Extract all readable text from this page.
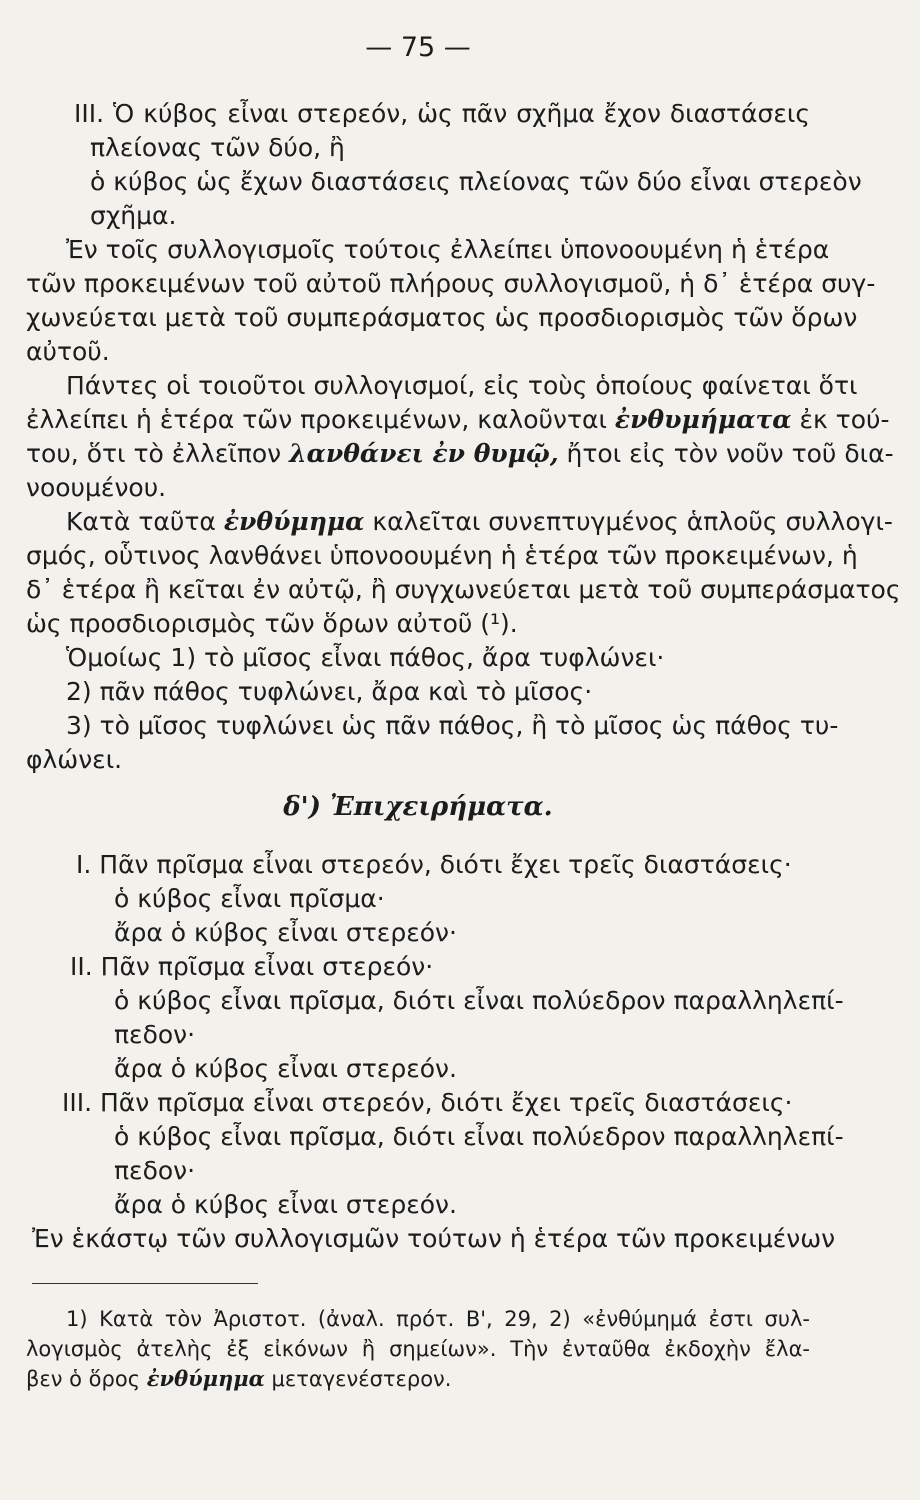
— 75 —
III. Ὁ κύβος εἶναι στερεόν, ὡς πᾶν σχῆμα ἔχον διαστάσεις
πλείονας τῶν δύο, ἢ
ὁ κύβος ὡς ἔχων διαστάσεις πλείονας τῶν δύο εἶναι στερεὸν
σχῆμα.
Ἐν τοῖς συλλογισμοῖς τούτοις ἐλλείπει ὑπονοουμένη ἡ ἑτέρα
τῶν προκειμένων τοῦ αὐτοῦ πλήρους συλλογισμοῦ, ἡ δ᾽ ἑτέρα συγ-
χωνεύεται μετὰ τοῦ συμπεράσματος ὡς προσδιορισμὸς τῶν ὅρων
αὐτοῦ.
Πάντες οἱ τοιοῦτοι συλλογισμοί, εἰς τοὺς ὁποίους φαίνεται ὅτι
ἐλλείπει ἡ ἑτέρα τῶν προκειμένων, καλοῦνται ἐνθυμήματα ἐκ τού-
του, ὅτι τὸ ἐλλεῖπον λανθάνει ἐν θυμῷ, ἤτοι εἰς τὸν νοῦν τοῦ δια-
νοουμένου.
Κατὰ ταῦτα ἐνθύμημα καλεῖται συνεπτυγμένος ἁπλοῦς συλλογι-
σμός, οὗτινος λανθάνει ὑπονοουμένη ἡ ἑτέρα τῶν προκειμένων, ἡ
δ᾽ ἑτέρα ἢ κεῖται ἐν αὐτῷ, ἢ συγχωνεύεται μετὰ τοῦ συμπεράσματος
ὡς προσδιορισμὸς τῶν ὅρων αὐτοῦ (¹).
Ὁμοίως 1) τὸ μῖσος εἶναι πάθος, ἄρα τυφλώνει·
2) πᾶν πάθος τυφλώνει, ἄρα καὶ τὸ μῖσος·
3) τὸ μῖσος τυφλώνει ὡς πᾶν πάθος, ἢ τὸ μῖσος ὡς πάθος τυ-
φλώνει.
δ') Ἐπιχειρήματα.
I. Πᾶν πρῖσμα εἶναι στερεόν, διότι ἔχει τρεῖς διαστάσεις·
ὁ κύβος εἶναι πρῖσμα·
ἄρα ὁ κύβος εἶναι στερεόν·
II. Πᾶν πρῖσμα εἶναι στερεόν·
ὁ κύβος εἶναι πρῖσμα, διότι εἶναι πολύεδρον παραλληλεπί-
πεδον·
ἄρα ὁ κύβος εἶναι στερεόν.
III. Πᾶν πρῖσμα εἶναι στερεόν, διότι ἔχει τρεῖς διαστάσεις·
ὁ κύβος εἶναι πρῖσμα, διότι εἶναι πολύεδρον παραλληλεπί-
πεδον·
ἄρα ὁ κύβος εἶναι στερεόν.
Ἐν ἑκάστῳ τῶν συλλογισμῶν τούτων ἡ ἑτέρα τῶν προκειμένων
1) Κατὰ τὸν Ἀριστοτ. (ἀναλ. πρότ. Β', 29, 2) «ἐνθύμημά ἐστι συλ-
λογισμὸς ἀτελὴς ἐξ εἰκόνων ἢ σημείων». Τὴν ἐνταῦθα ἐκδοχὴν ἔλα-
βεν ὁ ὅρος ἐνθύμημα μεταγενέστερον.
